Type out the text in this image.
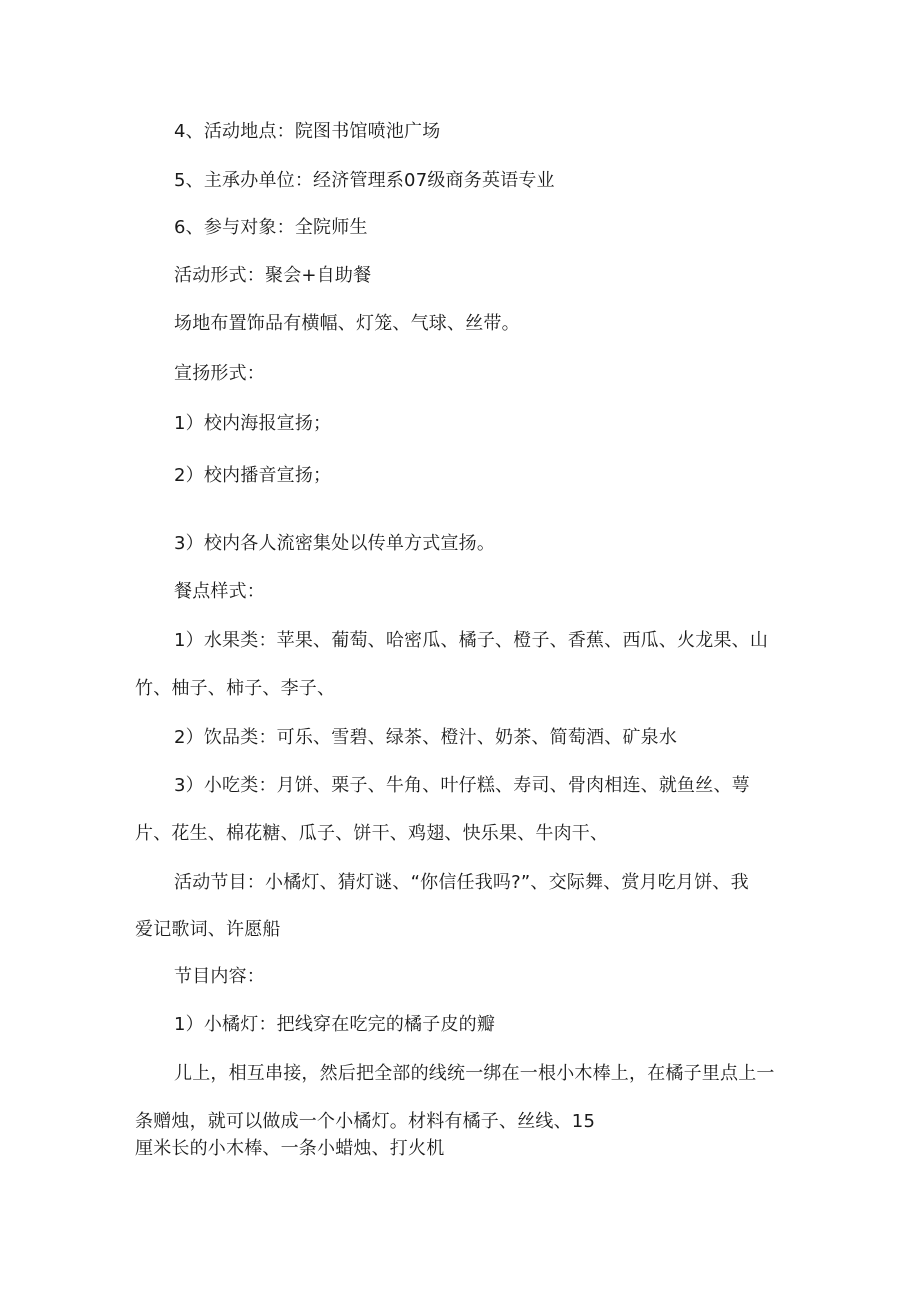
4、活动地点：院图书馆喷池广场
5、主承办单位：经济管理系07级商务英语专业
6、参与对象：全院师生
活动形式：聚会+自助餐
场地布置饰品有横幅、灯笼、气球、丝带。
宣扬形式：
1）校内海报宣扬；
2）校内播音宣扬；
3）校内各人流密集处以传单方式宣扬。
餐点样式：
1）水果类：苹果、葡萄、哈密瓜、橘子、橙子、香蕉、西瓜、火龙果、山
竹、柚子、柿子、李子、
2）饮品类：可乐、雪碧、绿茶、橙汁、奶茶、简萄酒、矿泉水
3）小吃类：月饼、栗子、牛角、叶仔糕、寿司、骨肉相连、就鱼丝、萼
片、花生、棉花糖、瓜子、饼干、鸡翅、快乐果、牛肉干、
活动节目：小橘灯、猜灯谜、“你信任我吗?”、交际舞、赏月吃月饼、我
爱记歌词、许愿船
节目内容：
1）小橘灯：把线穿在吃完的橘子皮的瓣
儿上，相互串接，然后把全部的线统一绑在一根小木棒上，在橘子里点上一
条赠烛，就可以做成一个小橘灯。材料有橘子、丝线、15
厘米长的小木棒、一条小蜡烛、打火机
